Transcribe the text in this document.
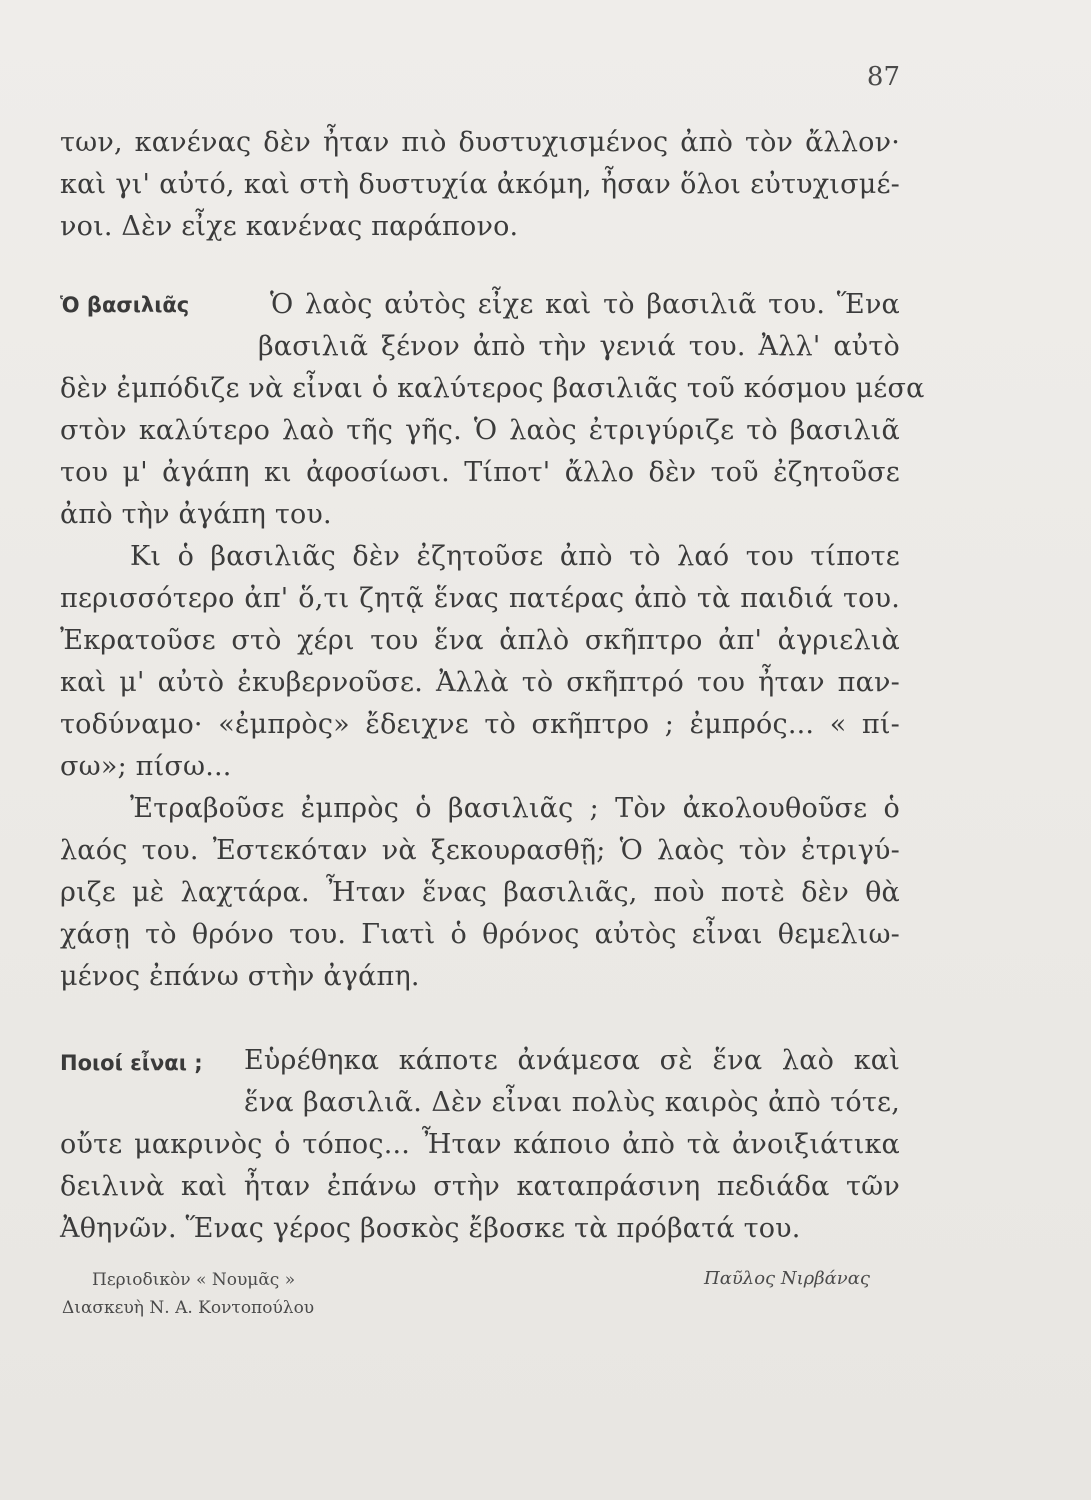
87
των, κανένας δὲν ἦταν πιὸ δυστυχισμένος ἀπὸ τὸν ἄλλον·
καὶ γι' αὐτό, καὶ στὴ δυστυχία ἀκόμη, ἦσαν ὅλοι εὐτυχισμέ-
νοι. Δὲν εἶχε κανένας παράπονο.
Ὁ βασιλιᾶς	Ὁ λαὸς αὐτὸς εἶχε καὶ τὸ βασιλιᾶ του. Ἕνα
βασιλιᾶ ξένον ἀπὸ τὴν γενιά του. Ἀλλ' αὐτὸ
δὲν ἐμπόδιζε νὰ εἶναι ὁ καλύτερος βασιλιᾶς τοῦ κόσμου μέσα
στὸν καλύτερο λαὸ τῆς γῆς. Ὁ λαὸς ἐτριγύριζε τὸ βασιλιᾶ
του μ' ἀγάπη κι ἀφοσίωσι. Τίποτ' ἄλλο δὲν τοῦ ἐζητοῦσε
ἀπὸ τὴν ἀγάπη του.
Κι ὁ βασιλιᾶς δὲν ἐζητοῦσε ἀπὸ τὸ λαό του τίποτε
περισσότερο ἀπ' ὅ,τι ζητᾷ ἕνας πατέρας ἀπὸ τὰ παιδιά του.
Ἐκρατοῦσε στὸ χέρι του ἕνα ἁπλὸ σκῆπτρο ἀπ' ἀγριελιὰ
καὶ μ' αὐτὸ ἐκυβερνοῦσε. Ἀλλὰ τὸ σκῆπτρό του ἦταν παν-
τοδύναμο· «ἐμπρὸς» ἔδειχνε τὸ σκῆπτρο ; ἐμπρός... « πί-
σω»; πίσω...
Ἐτραβοῦσε ἐμπρὸς ὁ βασιλιᾶς ; Τὸν ἀκολουθοῦσε ὁ
λαός του. Ἐστεκόταν νὰ ξεκουρασθῇ; Ὁ λαὸς τὸν ἐτριγύ-
ριζε μὲ λαχτάρα. Ἦταν ἕνας βασιλιᾶς, ποὺ ποτὲ δὲν θὰ
χάσῃ τὸ θρόνο του. Γιατὶ ὁ θρόνος αὐτὸς εἶναι θεμελιω-
μένος ἐπάνω στὴν ἀγάπη.
Ποιοί εἶναι ; Εὑρέθηκα κάποτε ἀνάμεσα σὲ ἕνα λαὸ καὶ
ἕνα βασιλιᾶ. Δὲν εἶναι πολὺς καιρὸς ἀπὸ τότε,
οὔτε μακρινὸς ὁ τόπος... Ἦταν κάποιο ἀπὸ τὰ ἀνοιξιάτικα
δειλινὰ καὶ ἦταν ἐπάνω στὴν καταπράσινη πεδιάδα τῶν
Ἀθηνῶν. Ἕνας γέρος βοσκὸς ἔβοσκε τὰ πρόβατά του.
Περιοδικὸν « Νουμᾶς »
Διασκευὴ Ν. Α. Κοντοπούλου
Παῦλος Νιρβάνας
